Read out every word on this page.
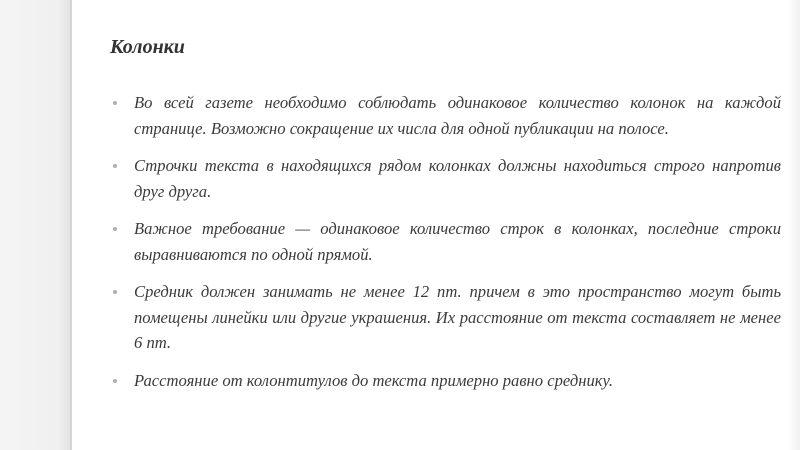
Колонки
Во всей газете необходимо соблюдать одинаковое количество колонок на каждой странице. Возможно сокращение их числа для одной публикации на полосе.
Строчки текста в находящихся рядом колонках должны находиться строго напротив друг друга.
Важное требование — одинаковое количество строк в колонках, последние строки выравниваются по одной прямой.
Средник должен занимать не менее 12 пт. причем в это пространство могут быть помещены линейки или другие украшения. Их расстояние от текста составляет не менее 6 пт.
Расстояние от колонтитулов до текста примерно равно среднику.
